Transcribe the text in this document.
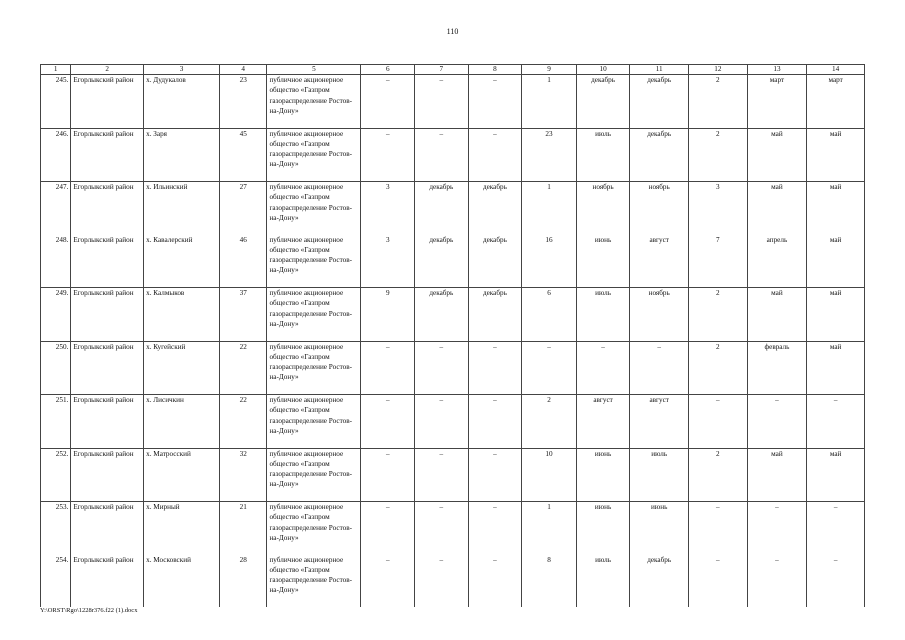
110
1	2	3	4	5	6	7	8	9	10	11	12	13	14
245.	Егорлыкский район	х. Дудукалов	23	публичное акционерное общество «Газпром газораспределение Ростов-на-Дону»	–	–	–	1	декабрь	декабрь	2	март	март
246.	Егорлыкский район	х. Заря	45	публичное акционерное общество «Газпром газораспределение Ростов-на-Дону»	–	–	–	23	июль	декабрь	2	май	май
247.	Егорлыкский район	х. Ильинский	27	публичное акционерное общество «Газпром газораспределение Ростов-на-Дону»	3	декабрь	декабрь	1	ноябрь	ноябрь	3	май	май
248.	Егорлыкский район	х. Кавалерский	46	публичное акционерное общество «Газпром газораспределение Ростов-на-Дону»	3	декабрь	декабрь	16	июнь	август	7	апрель	май
249.	Егорлыкский район	х. Калмыков	37	публичное акционерное общество «Газпром газораспределение Ростов-на-Дону»	9	декабрь	декабрь	6	июль	ноябрь	2	май	май
250.	Егорлыкский район	х. Кугейский	22	публичное акционерное общество «Газпром газораспределение Ростов-на-Дону»	–	–	–	–	–	–	2	февраль	май
251.	Егорлыкский район	х. Лисичкин	22	публичное акционерное общество «Газпром газораспределение Ростов-на-Дону»	–	–	–	2	август	август	–	–	–
252.	Егорлыкский район	х. Матросский	32	публичное акционерное общество «Газпром газораспределение Ростов-на-Дону»	–	–	–	10	июнь	июль	2	май	май
253.	Егорлыкский район	х. Мирный	21	публичное акционерное общество «Газпром газораспределение Ростов-на-Дону»	–	–	–	1	июнь	июнь	–	–	–
254.	Егорлыкский район	х. Московский	28	публичное акционерное общество «Газпром газораспределение Ростов-на-Дону»	–	–	–	8	июль	декабрь	–	–	–
Y:\ORST\Rgo\1228r376.f22 (1).docx
